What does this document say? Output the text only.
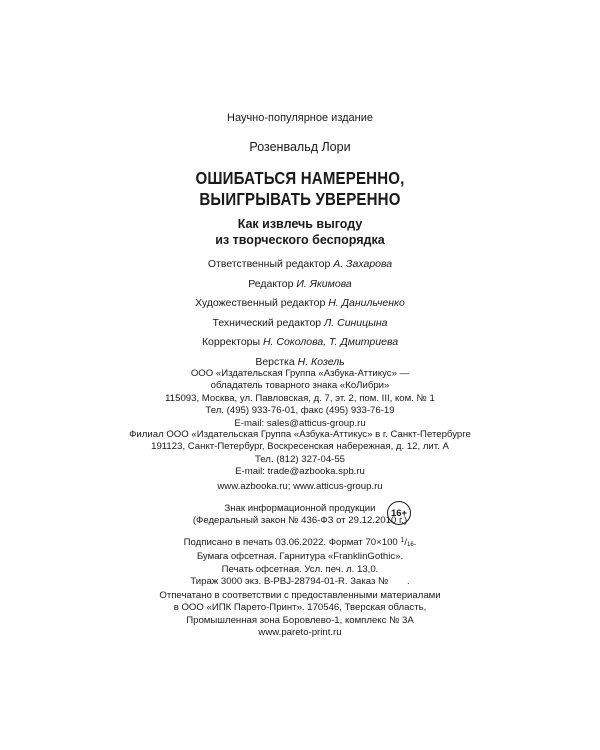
Научно-популярное издание
Розенвальд Лори
ОШИБАТЬСЯ НАМЕРЕННО,
ВЫИГРЫВАТЬ УВЕРЕННО
Как извлечь выгоду
из творческого беспорядка
Ответственный редактор А. Захарова
Редактор И. Якимова
Художественный редактор Н. Данильченко
Технический редактор Л. Синицына
Корректоры Н. Соколова, Т. Дмитриева
Верстка Н. Козель
ООО «Издательская Группа «Азбука-Аттикус» —
обладатель товарного знака «КоЛибри»
115093, Москва, ул. Павловская, д. 7, эт. 2, пом. III, ком. № 1
Тел. (495) 933-76-01, факс (495) 933-76-19
E-mail: sales@atticus-group.ru
Филиал ООО «Издательская Группа «Азбука-Аттикус» в г. Санкт-Петербурге
191123, Санкт-Петербург, Воскресенская набережная, д. 12, лит. А
Тел. (812) 327-04-55
E-mail: trade@azbooka.spb.ru
www.azbooka.ru; www.atticus-group.ru
Знак информационной продукции
(Федеральный закон № 436-ФЗ от 29.12.2010 г.)
16+
Подписано в печать 03.06.2022. Формат 70×100 $^1$/16.
Бумага офсетная. Гарнитура «FranklinGothic».
Печать офсетная. Усл. печ. л. 13,0.
Тираж 3000 экз. В-PBJ-28794-01-R. Заказ №       .
Отпечатано в соответствии с предоставленными материалами
в ООО «ИПК Парето-Принт». 170546, Тверская область,
Промышленная зона Боровлево-1, комплекс № 3А
www.pareto-print.ru
